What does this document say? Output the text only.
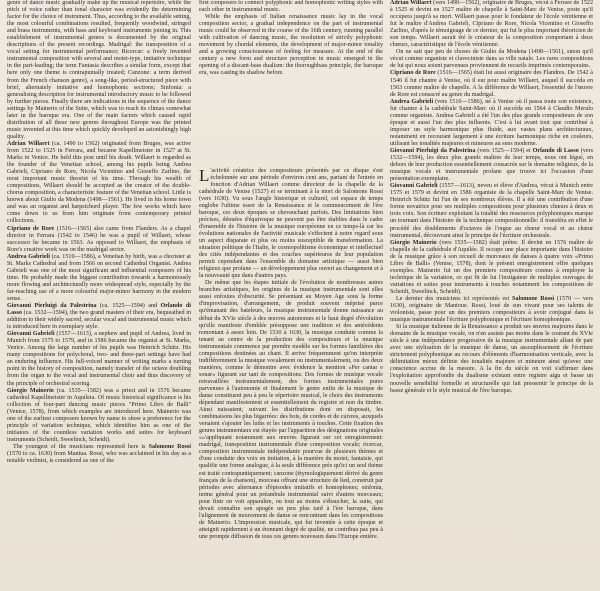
genre of dance music gradually make up the musical repertoire, while the pitch of voice rather than tonal character was evidently the determining factor for the choice of instrument. Thus, according to the available setting, the most colourful combinations resulted, frequently woodwind, stringed and brass instruments, with bass and keyboard instruments joining in. This establishment of instrumental genres is documented by the original descriptions of the present recordings. Madrigal: the transposition of a vocal setting for instrumental performance; Ricercar: a freely invented instrumental composition with several and motet-type, imitative technique in the part-leading; the term Fantasia describes a similar form, except that here only one theme is contrapuntally treated; Canzone: a term derived from the French chanson genre), a song-like, period-structured piece with brief, alternately imitative and homophonic sections; Sinfonia: a generalising description for instrumental introductory music to be followed by further pieces. Finally there are indications in the sequence of the dance settings by Mainerio of the Suite, which was to reach its climax somewhat later in the baroque era. One of the main factors which caused rapid distribution of all these new genres throughout Europe was the printed music invented at this time which quickly developed an astonishingly high quality.

Adrian Willaert (ca. 1490 to 1562) originated from Bruges, was active from 1522 to 1525 in Ferrara, and became Kapellmeister in 1527 at St. Marks in Venice. He held this post until his death. Willaert is regarded as the founder of the Venetian school, among his pupils being Andrea Gabrieli, Cipriano de Rore, Nicola Vicentino and Gioseffo Zarlino, the most important music theorist of his time. Through his wealth of compositions, Willaert should be accepted as the creator of the double-chorus composition, a characteristic feature of the Venetian school. Little is known about Giulio da Modena (1498—1561). He lived in his home town and was an organist and harpsichord player. The few works which have come down to us from him originate from contemporary printed collections.

Cipriano de Rore (1516—1565) also came from Flanders. As a chapel director in Ferrara (1542 to 1546) he was a pupil of Willaert, whose successor he became in 1563. As opposed to Willaert, the emphasis of Rore's creative work was on the madrigal sector.

Andrea Gabrieli (ca. 1510—1586), a Venetian by birth, was a chorister at St. Marks Cathedral and from 1566 on second Cathedral Organist. Andrea Gabrieli was one of the most significant and influential composers of his time. He probably made the biggest contribution towards a harmoniously more flowing and architecturally more widespread style, especially by the far-reaching use of a more colourful major-minor harmony in the modern sense.

Giovanni Pierluigi da Palestrina (ca. 1525—1594) and Orlando di Lasso (ca. 1532—1594), the two grand masters of their era, bequeathed in addition to their widely sacred, secular vocal and instrumental music which is introduced here in exemplary style.

Giovanni Gabrieli (1557—1613), a nephew and pupil of Andrea, lived in Munich from 1575 to 1579, and in 1586 became the organist at St. Marks, Venice. Among the large number of his pupils was Heinrich Schütz. His many compositions for polychoral, two- and three-part settings have had an enduring influence. His full-voiced manner of writing marks a turning point in the history of composition, namely transfer of the octave doubling from the organ to the vocal and instrumental choir and thus discovery of the principle of orchestral scoring.

Giorgio Mainerio (ca. 1535—1582) was a priest and in 1576 became cathedral Kapellmeister in Aquileia. Of music historical significance is his collection of four-part dancing music pieces "Primo Libro de Balli" (Venice, 1578), from which examples are introduced here. Mainerio was one of the earliest composers known by name to show a preference for the principle of variation technique, which identifies him as one of the initiators of the countless variation works and suites for keyboard instruments (Scheidt, Sweelinck, Scheidt).

The youngest of the musicians represented here is Salomone Rossi (1570 to ca. 1630) from Mantua. Rossi, who was acclaimed in his day as a notable violinist, is considered as one of the

first composers to connect polyphonic and homophonic writing styles with each other in instrumental music.

While the emphasis of Italian renaissance music lay in the vocal composition sector, a gradual independence on the part of instrumental music could be observed in the course of the 16th century, running parallel with cultivation of dancing music, the resolution of strictly polyphonic movement by chordal elements, the development of major-minor tonality and a growing consciousness of feeling for measure. At the end of the century a new form and structure perception in music emerged in the opening of a discant-bass dualism: the thoroughbass principle, the baroque era, was casting its shadow before.

L 'activité créatrice des compositeurs présentés par ce disque s'est échelonnée sur une période d'environ cent ans, partant de l'entrée en fonction d'Adrian Willaert comme directeur de la chapelle de la cathédrale de Venise (1527) et se terminant à la mort de Salomone Rossi (vers 1630). Vu sous l'angle historique et culturel, cet espace de temps englobe l'ultime essor de la Renaissance et le commencement de l'ère baroque, ces deux époques se chevauchant parfois. Des limitations bien précises, dénuées d'équivoque ne peuvent pas être établies dans le cadre d'ensemble de l'histoire de la musique européenne en ce temps-là car les évolutions nationales de l'activité musicale s'effectent à notre regard sous un aspect disparate et plus ou moins susceptible de transformation. La situation politique de l'Italie, le cosmopolitisme économique et intellectuel des cités indépendantes et des couches supérieures de leur population permit cependant dans l'ensemble du domaine artistique — aussi bien religieux que profane — un développement plus ouvert au changement et à la nouveauté que dans d'autres pays.

De même que les étapes initiale de l'évolution de nombreuses autres branches artistiques, les origines de la musique instrumentale sont elles aussi enfouies d'obscurité. Se présentant au Moyen Age sous la forme d'improvisation, d'arrangement, de produit souvent méprisé parce qu'émanant des bateleurs, la musique instrumentale donne naissance au début du XVIe siècle à des œuvres autonomes et le haut degré d'évolution qu'elle manifeste d'emblée présuppose une tradition et des antécédents remontant à assez loin. De 1530 à 1630, la musique conduite comme la tenant au centre de la production des compositeurs et la musique instrumentale commence par prendre modèle sur les formes familières des compositions destinées au chant. Il arrive fréquemment qu'on interprète indifféremment la musique vocalement ou instrumentalement, ou des deux manières, comme le démontre avec évidence la mention «Per cantar e sonar» figurant sur tant de compositions. Des formes de musique vocale retravaillées instrumentalement, des formes instrumentales pures parvenues à l'autonomie et finalement le genre enfin de la musique de danse constituent peu à peu le répertoire musical, le choix des instruments dépendant manifestement et essentiellement du registre et non du timbre. Ainsi naissaient, suivant les distributions dont on disposait, les combinaisons les plus bigarrées: des bois, de cordes et de cuivres, auxquels venaient s'ajouter les luths et les instruments à touches. Cette fixation des genres instrumentaux est étayée par l'apparition des désignations originales «»'appliquant notamment aux œuvres figurant sur cet enregistrement: madrigal, transposition instrumentale d'une composition vocale; ricercar, composition instrumentale indépendante pourvue de plusieurs thèmes et d'une conduite des voix en imitation, à la manière du motet; fantaisie, qui qualifie une forme analogue, à la seule différence près qu'ici un seul thème est traité contrapuntiquement; canzone (étymologiquement dérivé du genre français de la chanson), morceau offrant une structure de lied, construit par périodes avec alternance d'épisodes imitatifs et homophones; sinfonia, terme général pour un préambule instrumental suivi d'autres morceaux; pour finir on voit apparaître, ou tout au moins s'ébaucher, la suite, qui devait connaître son apogée un peu plus tard à l'ère baroque, dans l'alignement de mouvement de danse se rencontrant dans les compositions de Mainerio. L'impression musicale, qui fut inventée à cette époque et atteignit rapidement à un étonnant degré de qualité, ne contribua pas peu à une prompte diffusion de tous ces genres nouveaux dans l'Europe entière.

Adrian Willaert (vers 1490—1562), originaire de Bruges, vécut à Ferrare de 1522 à 1525 et devint en 1527 maître de chapelle à Saint-Marc de Venise, poste qu'il occupera jusqu'à sa mort. Willaert passe pour le fondateur de l'école vénitienne et fut le maître d'Andrea Gabrieli, Cipriano de Rore, Nicola Vicentino et Gioseffo Zarlino, d'après le témoignage de ce dernier, qui fut le plus important théoricien de son temps. Willaert aurait été le créateur de la composition comportant à deux chœurs, caractéristique de l'école vénitienne.

On ne sait que peu de choses de Giulio da Modena (1498—1561), sinon qu'il vécut comme organiste et claveciniste dans sa ville natale. Les rares compositions de lui qui nous soient parvenues proviennent de recueils imprimés contemporains.

Cipriano de Rore (1516—1565) était lui aussi originaire des Flandres. De 1542 à 1546 il fut chantre à Venise, où il eut pour maître Willaert, auquel il succéda en 1563 comme maître de chapelle. A la différence de Willaert, l'essentiel de l'œuvre de Rore est consacré au genre du madrigal.

Andrea Gabrieli (vers 1510—1586), né à Venise où il passa toute son existence, fut chantre à la cathédrale Saint-Marc où il succéda en 1564 à Claudio Merulo comme organiste. Andrea Gabrieli a été l'un des plus grands compositeurs de son époque et aussi l'un des plus influents. C'est à lui avant tout que contribué à imposer un style harmonique plus fluide, aux vastes plans architecturaux, notamment en recourant largement à une écriture harmonique riche en couleurs, utilisant les tonalités majeures et mineures au sens moderne.

Giovanni Pierluigi da Palestrina (vers 1525—1594) et Orlando di Lasso (vers 1532—1594), les deux plus grands maîtres de leur temps, nous ont légué, en dehors de leur production essentiellement consacrée sur le domaine religieux, de la musique vocale et instrumentale profane que trouve ici l'occasion d'une présentation exemplaire.

Giovanni Gabrieli (1557—1613), neveu et élève d'Andrea, vécut à Munich entre 1575 et 1579 et devint en 1586 organiste de la chapelle Saint-Marc de Venise. Heinrich Schütz fut l'un de ses nombreux élèves. Il a été une contribution d'une forme novatrice pour ses multiples compositions pour plusieurs chœurs à deux et trois voix. Son écriture exploitant la totalité des ressources polyphoniques marque un tournant dans l'histoire de la technique compositionnelle: il transféra en effet le procédé des doublements d'octaves de l'orgue au chœur vocal et au chœur instrumental, découvrant ainsi le principe de l'écriture orchestrale.

Giorgio Mainerio (vers 1535—1582) était prêtre. Il devint en 1576 maître de chapelle de la cathédrale d'Aquilée. Il occupe une place importante dans l'histoire de la musique grâce à son recueil de morceaux de danses à quatre voix «Primo Libro de Balli» (Venise, 1578), dont le présent enregistrement offre quelques exemples. Mainerio fut un des premiers compositeurs connus à employer la technique de la variation, ce qui fit de lui l'instigateur de multiples ouvrages de variations et suites pour instruments à touches notamment les compositions de Scheidt, Sweelinck, Scheidt).

Le dernier des musiciens ici représentés est Salomone Rossi (1570 — vers 1630), originaire de Mantoue. Rossi, loué de son vivant pour ses talents de violoniste, passe pour un des premiers compositeurs à avoir conjugué dans la musique instrumentale l'écriture polyphonique et l'écriture homophonique.

Si la musique italienne de la Renaissance a produit ses œuvres majeures dans le domaine de la musique vocale, on n'en assiste pas moins dans le courant du XVIe siècle à une indépendance progressive de la musique instrumentale allant de pair avec une stylisation de la musique de danse, un assouplissement de l'écriture strictement polyphonique au recours d'éléments d'harmonisation verticale, avec la délimitation mieux définie des tonalités majeure et mineure ainsi qu'avec une conscience accrue de la mesure. A la fin du siècle on voit s'affirmer dans l'exploitation approfondie du dualisme existant entre registre aigu et basse un nouvelle sensibilité formelle et structurelle qui fait pressentir le principe de la basse générale et le style musical de l'ère baroque.
